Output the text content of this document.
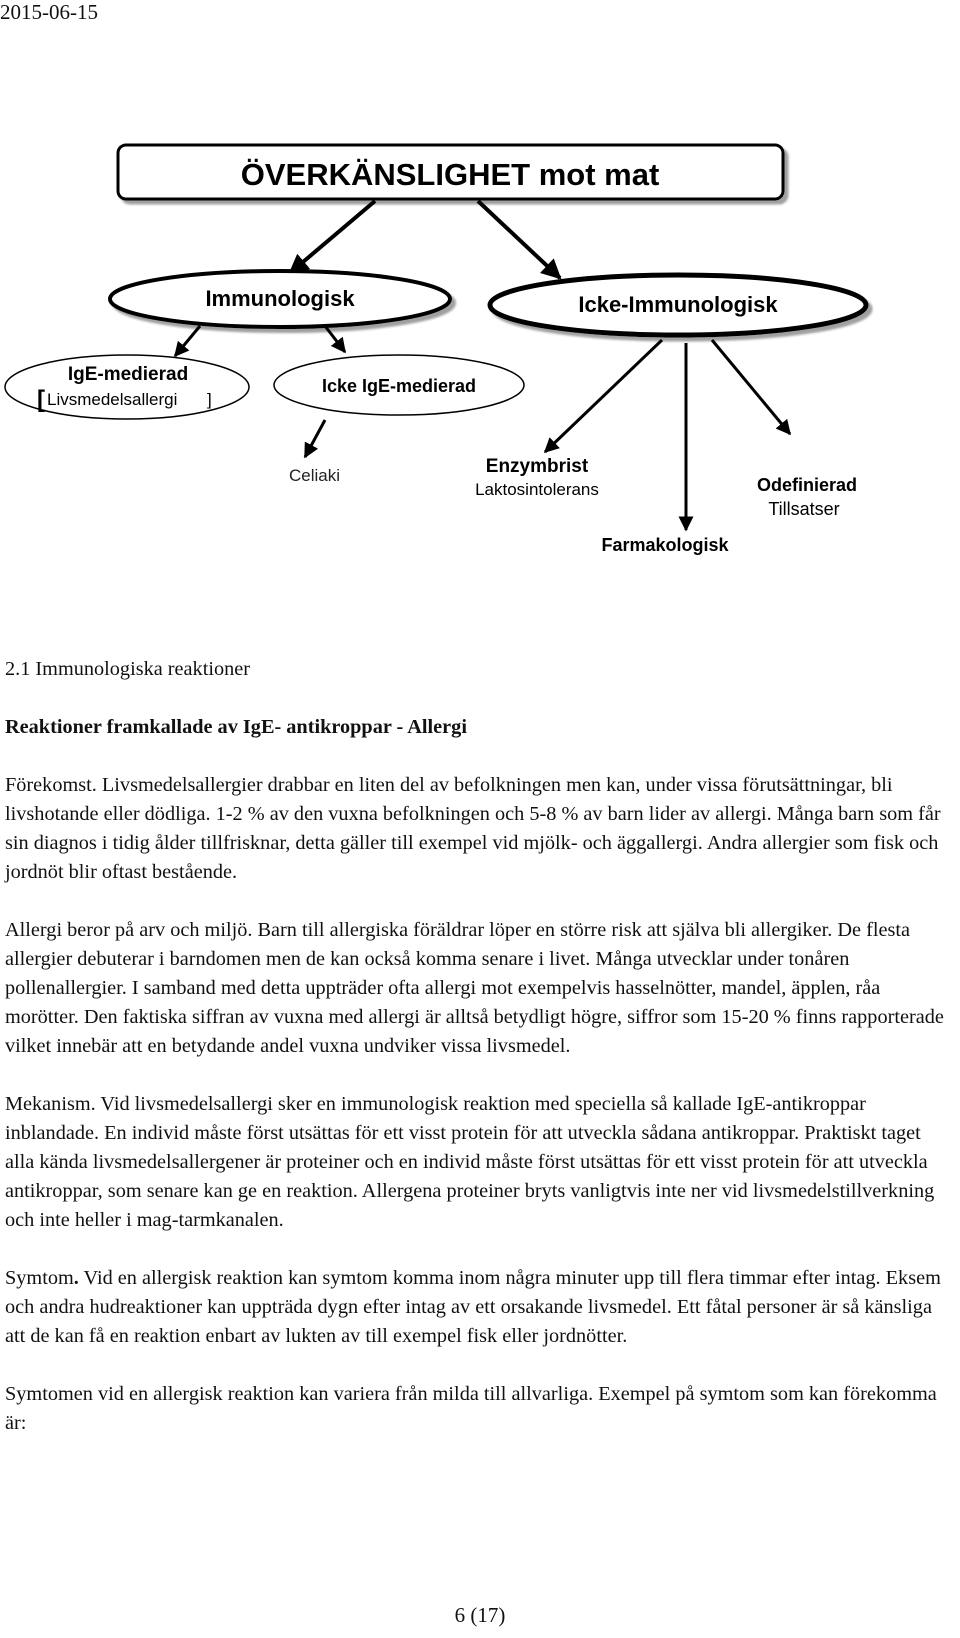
2015-06-15
ÖVERKÄNSLIGHET mot mat
Immunologisk	Icke-Immunologisk
IgE-medierad
[ Livsmedelsallergi ]
Icke IgE-medierad
Celiaki	Enzymbrist
Laktosintolerans	Odefinierad
Tillsatser
Farmakologisk

2.1 Immunologiska reaktioner

Reaktioner framkallade av IgE- antikroppar - Allergi

Förekomst. Livsmedelsallergier drabbar en liten del av befolkningen men kan, under vissa förutsättningar, bli livshotande eller dödliga. 1-2 % av den vuxna befolkningen och 5-8 % av barn lider av allergi. Många barn som får sin diagnos i tidig ålder tillfrisknar, detta gäller till exempel vid mjölk- och äggallergi. Andra allergier som fisk och jordnöt blir oftast bestående.

Allergi beror på arv och miljö. Barn till allergiska föräldrar löper en större risk att själva bli allergiker. De flesta allergier debuterar i barndomen men de kan också komma senare i livet. Många utvecklar under tonåren pollenallergier. I samband med detta uppträder ofta allergi mot exempelvis hasselnötter, mandel, äpplen, råa morötter. Den faktiska siffran av vuxna med allergi är alltså betydligt högre, siffror som 15-20 % finns rapporterade vilket innebär att en betydande andel vuxna undviker vissa livsmedel.

Mekanism. Vid livsmedelsallergi sker en immunologisk reaktion med speciella så kallade IgE-antikroppar inblandade. En individ måste först utsättas för ett visst protein för att utveckla sådana antikroppar. Praktiskt taget alla kända livsmedelsallergener är proteiner och en individ måste först utsättas för ett visst protein för att utveckla antikroppar, som senare kan ge en reaktion. Allergena proteiner bryts vanligtvis inte ner vid livsmedelstillverkning och inte heller i mag-tarmkanalen.

Symtom. Vid en allergisk reaktion kan symtom komma inom några minuter upp till flera timmar efter intag. Eksem och andra hudreaktioner kan uppträda dygn efter intag av ett orsakande livsmedel. Ett fåtal personer är så känsliga att de kan få en reaktion enbart av lukten av till exempel fisk eller jordnötter.

Symtomen vid en allergisk reaktion kan variera från milda till allvarliga. Exempel på symtom som kan förekomma är:

6 (17)
